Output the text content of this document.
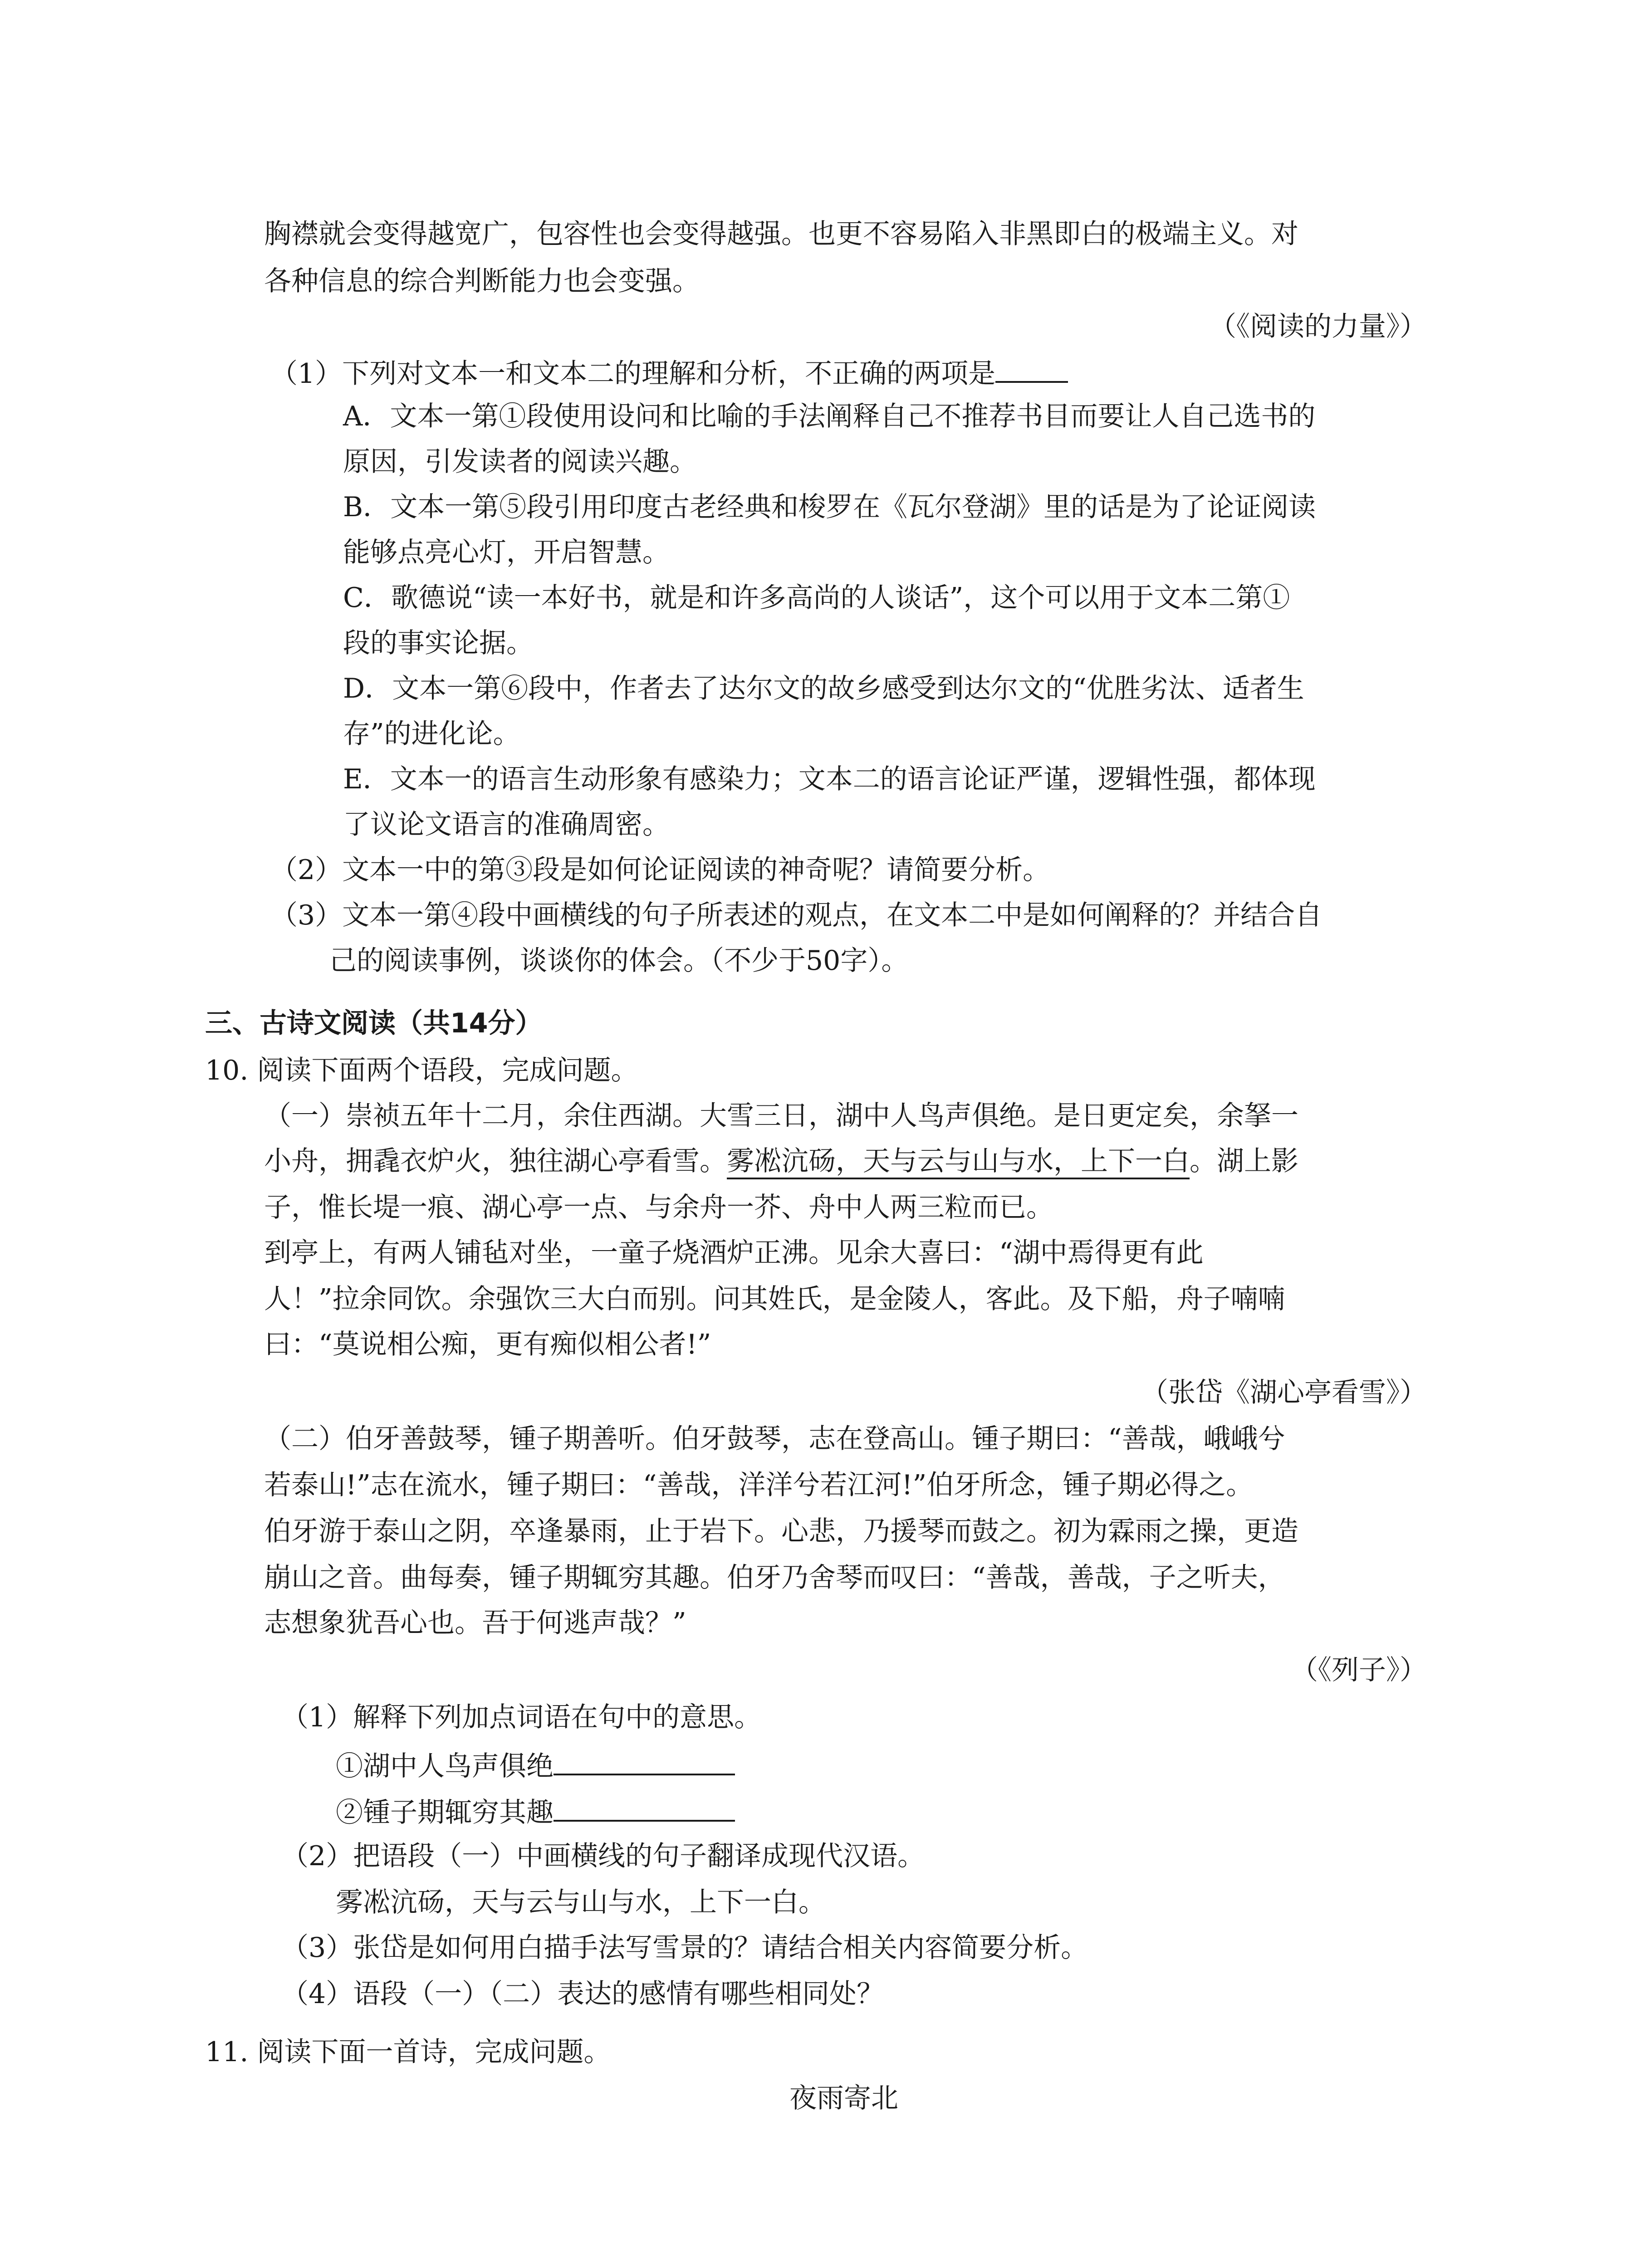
胸襟就会变得越宽广，包容性也会变得越强。也更不容易陷入非黑即白的极端主义。对
各种信息的综合判断能力也会变强。
（《阅读的力量》）
（1）下列对文本一和文本二的理解和分析，不正确的两项是
A．文本一第①段使用设问和比喻的手法阐释自己不推荐书目而要让人自己选书的
原因，引发读者的阅读兴趣。
B．文本一第⑤段引用印度古老经典和梭罗在《瓦尔登湖》里的话是为了论证阅读
能够点亮心灯，开启智慧。
C．歌德说“读一本好书，就是和许多高尚的人谈话”，这个可以用于文本二第①
段的事实论据。
D．文本一第⑥段中，作者去了达尔文的故乡感受到达尔文的“优胜劣汰、适者生
存”的进化论。
E．文本一的语言生动形象有感染力；文本二的语言论证严谨，逻辑性强，都体现
了议论文语言的准确周密。
（2）文本一中的第③段是如何论证阅读的神奇呢？请简要分析。
（3）文本一第④段中画横线的句子所表述的观点，在文本二中是如何阐释的？并结合自
己的阅读事例，谈谈你的体会。（不少于50字）。
三、古诗文阅读（共14分）
10. 阅读下面两个语段，完成问题。
（一）崇祯五年十二月，余住西湖。大雪三日，湖中人鸟声俱绝。是日更定矣，余拏一
小舟，拥毳衣炉火，独往湖心亭看雪。雾凇沆砀，天与云与山与水，上下一白。湖上影
子，惟长堤一痕、湖心亭一点、与余舟一芥、舟中人两三粒而已。
到亭上，有两人铺毡对坐，一童子烧酒炉正沸。见余大喜曰：“湖中焉得更有此
人！”拉余同饮。余强饮三大白而别。问其姓氏，是金陵人，客此。及下船，舟子喃喃
曰：“莫说相公痴，更有痴似相公者!”
（张岱《湖心亭看雪》）
（二）伯牙善鼓琴，锺子期善听。伯牙鼓琴，志在登高山。锺子期曰：“善哉，峨峨兮
若泰山!”志在流水，锺子期曰：“善哉，洋洋兮若江河!”伯牙所念，锺子期必得之。
伯牙游于泰山之阴，卒逢暴雨，止于岩下。心悲，乃援琴而鼓之。初为霖雨之操，更造
崩山之音。曲每奏，锺子期辄穷其趣。伯牙乃舍琴而叹曰：“善哉，善哉，子之听夫，
志想象犹吾心也。吾于何逃声哉？”
（《列子》）
（1）解释下列加点词语在句中的意思。
①湖中人鸟声俱绝
②锺子期辄穷其趣
（2）把语段（一）中画横线的句子翻译成现代汉语。
雾凇沆砀，天与云与山与水，上下一白。
（3）张岱是如何用白描手法写雪景的？请结合相关内容简要分析。
（4）语段（一）（二）表达的感情有哪些相同处？
11. 阅读下面一首诗，完成问题。
夜雨寄北
